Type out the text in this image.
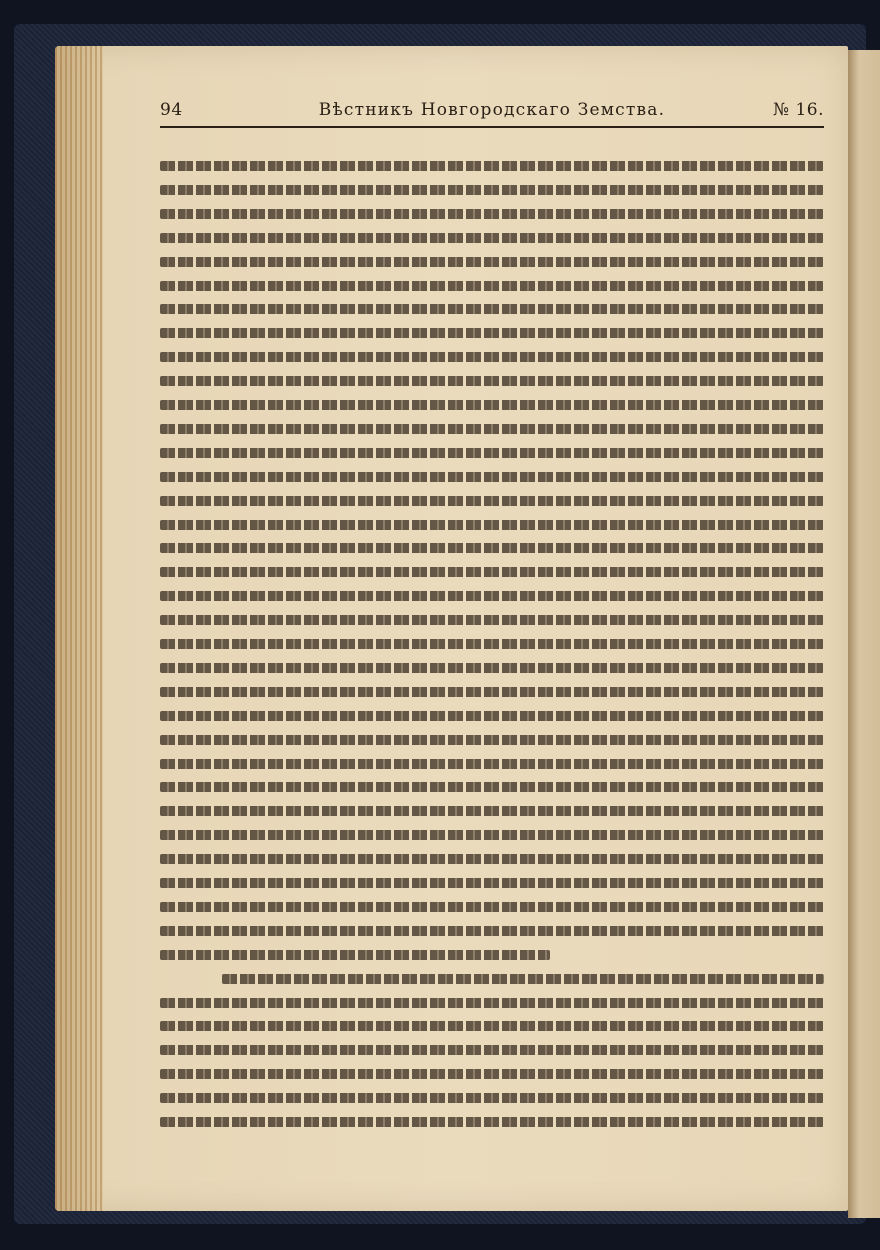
94	Вѣстникъ Новгородскаго Земства.	№ 16.
